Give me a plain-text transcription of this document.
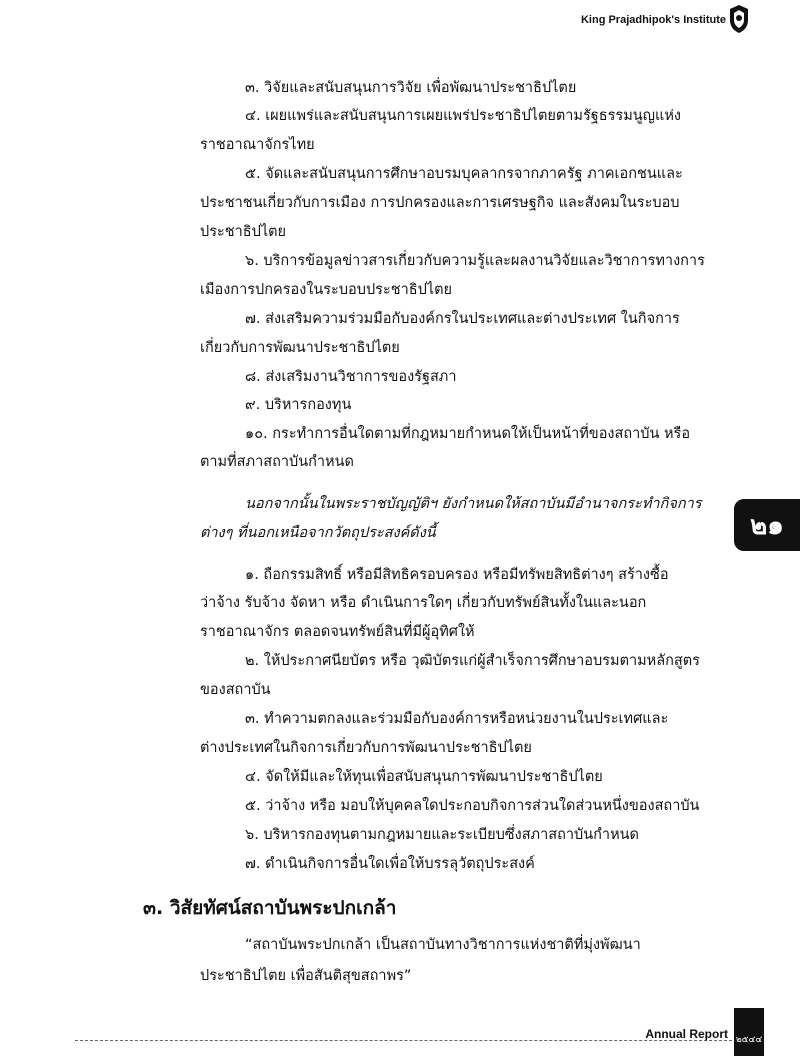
King Prajadhipok's Institute
๓. วิจัยและสนับสนุนการวิจัย เพื่อพัฒนาประชาธิปไตย
๔. เผยแพร่และสนับสนุนการเผยแพร่ประชาธิปไตยตามรัฐธรรมนูญแห่ง
ราชอาณาจักรไทย
๕. จัดและสนับสนุนการศึกษาอบรมบุคลากรจากภาครัฐ ภาคเอกชนและ
ประชาชนเกี่ยวกับการเมือง การปกครองและการเศรษฐกิจ และสังคมในระบอบ
ประชาธิปไตย
๖. บริการข้อมูลข่าวสารเกี่ยวกับความรู้และผลงานวิจัยและวิชาการทางการ
เมืองการปกครองในระบอบประชาธิปไตย
๗. ส่งเสริมความร่วมมือกับองค์กรในประเทศและต่างประเทศ ในกิจการ
เกี่ยวกับการพัฒนาประชาธิปไตย
๘. ส่งเสริมงานวิชาการของรัฐสภา
๙. บริหารกองทุน
๑๐. กระทำการอื่นใดตามที่กฎหมายกำหนดให้เป็นหน้าที่ของสถาบัน หรือ
ตามที่สภาสถาบันกำหนด
นอกจากนั้นในพระราชบัญญัติฯ ยังกำหนดให้สถาบันมีอำนาจกระทำกิจการ
ต่างๆ ที่นอกเหนือจากวัตถุประสงค์ดังนี้
๑. ถือกรรมสิทธิ์ หรือมีสิทธิครอบครอง หรือมีทรัพยสิทธิต่างๆ สร้างซื้อ
ว่าจ้าง รับจ้าง จัดหา หรือ ดำเนินการใดๆ เกี่ยวกับทรัพย์สินทั้งในและนอก
ราชอาณาจักร ตลอดจนทรัพย์สินที่มีผู้อุทิศให้
๒. ให้ประกาศนียบัตร หรือ วุฒิบัตรแก่ผู้สำเร็จการศึกษาอบรมตามหลักสูตร
ของสถาบัน
๓. ทำความตกลงและร่วมมือกับองค์การหรือหน่วยงานในประเทศและ
ต่างประเทศในกิจการเกี่ยวกับการพัฒนาประชาธิปไตย
๔. จัดให้มีและให้ทุนเพื่อสนับสนุนการพัฒนาประชาธิปไตย
๕. ว่าจ้าง หรือ มอบให้บุคคลใดประกอบกิจการส่วนใดส่วนหนึ่งของสถาบัน
๖. บริหารกองทุนตามกฎหมายและระเบียบซึ่งสภาสถาบันกำหนด
๗. ดำเนินกิจการอื่นใดเพื่อให้บรรลุวัตถุประสงค์
“สถาบันพระปกเกล้า เป็นสถาบันทางวิชาการแห่งชาติที่มุ่งพัฒนา
ประชาธิปไตย เพื่อสันติสุขสถาพร”
๓. วิสัยทัศน์สถาบันพระปกเกล้า
๒๑
Annual Report ๒๕๔๔
